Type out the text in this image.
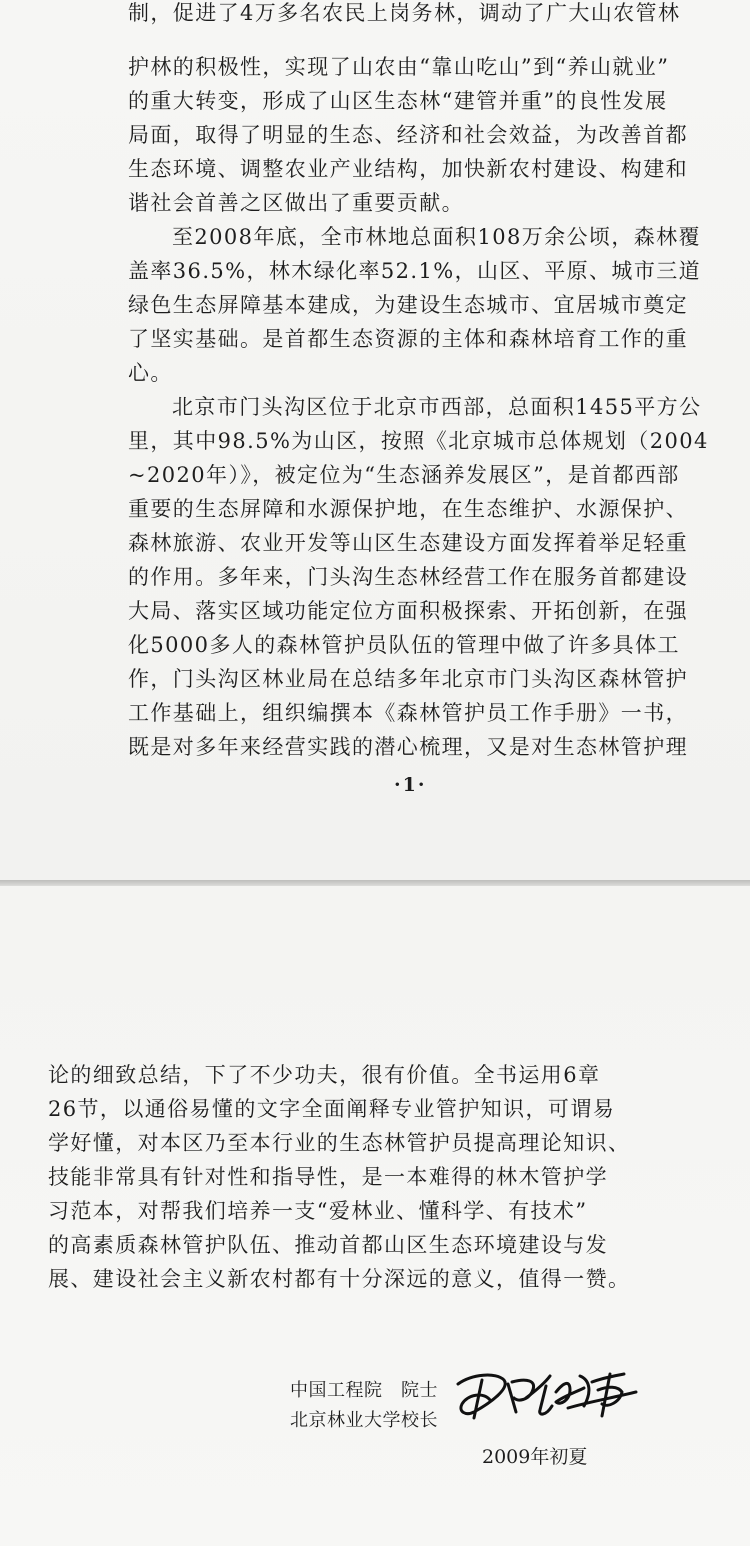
制，促进了4万多名农民上岗务林，调动了广大山农管林
护林的积极性，实现了山农由“靠山吃山”到“养山就业”
的重大转变，形成了山区生态林“建管并重”的良性发展
局面，取得了明显的生态、经济和社会效益，为改善首都
生态环境、调整农业产业结构，加快新农村建设、构建和
谐社会首善之区做出了重要贡献。
至2008年底，全市林地总面积108万余公顷，森林覆
盖率36.5%，林木绿化率52.1%，山区、平原、城市三道
绿色生态屏障基本建成，为建设生态城市、宜居城市奠定
了坚实基础。是首都生态资源的主体和森林培育工作的重
心。
北京市门头沟区位于北京市西部，总面积1455平方公
里，其中98.5%为山区，按照《北京城市总体规划（2004
~2020年）》，被定位为“生态涵养发展区”，是首都西部
重要的生态屏障和水源保护地，在生态维护、水源保护、
森林旅游、农业开发等山区生态建设方面发挥着举足轻重
的作用。多年来，门头沟生态林经营工作在服务首都建设
大局、落实区域功能定位方面积极探索、开拓创新，在强
化5000多人的森林管护员队伍的管理中做了许多具体工
作，门头沟区林业局在总结多年北京市门头沟区森林管护
工作基础上，组织编撰本《森林管护员工作手册》一书，
既是对多年来经营实践的潜心梳理，又是对生态林管护理
·1·
论的细致总结，下了不少功夫，很有价值。全书运用6章
26节，以通俗易懂的文字全面阐释专业管护知识，可谓易
学好懂，对本区乃至本行业的生态林管护员提高理论知识、
技能非常具有针对性和指导性，是一本难得的林木管护学
习范本，对帮我们培养一支“爱林业、懂科学、有技术”
的高素质森林管护队伍、推动首都山区生态环境建设与发
展、建设社会主义新农村都有十分深远的意义，值得一赞。
中国工程院　院士
北京林业大学校长
2009年初夏
